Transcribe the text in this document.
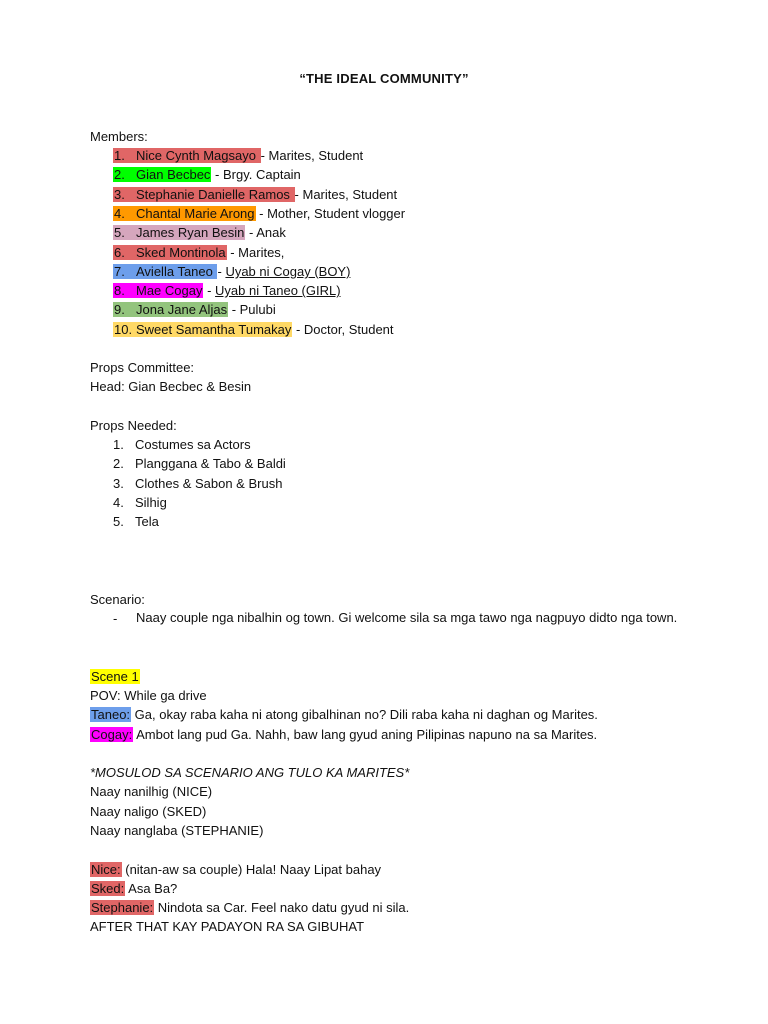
“THE IDEAL COMMUNITY”
Members:
1. Nice Cynth Magsayo - Marites, Student
2. Gian Becbec - Brgy. Captain
3. Stephanie Danielle Ramos - Marites, Student
4. Chantal Marie Arong - Mother, Student vlogger
5. James Ryan Besin - Anak
6. Sked Montinola - Marites,
7. Aviella Taneo - Uyab ni Cogay (BOY)
8. Mae Cogay - Uyab ni Taneo (GIRL)
9. Jona Jane Aljas - Pulubi
10. Sweet Samantha Tumakay - Doctor, Student
Props Committee:
Head: Gian Becbec & Besin
Props Needed:
1. Costumes sa Actors
2. Planggana & Tabo & Baldi
3. Clothes & Sabon & Brush
4. Silhig
5. Tela
Scenario:
- Naay couple nga nibalhin og town. Gi welcome sila sa mga tawo nga nagpuyo didto nga town.
Scene 1
POV: While ga drive
Taneo: Ga, okay raba kaha ni atong gibalhinan no? Dili raba kaha ni daghan og Marites.
Cogay: Ambot lang pud Ga. Nahh, baw lang gyud aning Pilipinas napuno na sa Marites.
*MOSULOD SA SCENARIO ANG TULO KA MARITES*
Naay nanilhig (NICE)
Naay naligo (SKED)
Naay nanglaba (STEPHANIE)
Nice: (nitan-aw sa couple) Hala! Naay Lipat bahay
Sked: Asa Ba?
Stephanie: Nindota sa Car. Feel nako datu gyud ni sila.
AFTER THAT KAY PADAYON RA SA GIBUHAT
